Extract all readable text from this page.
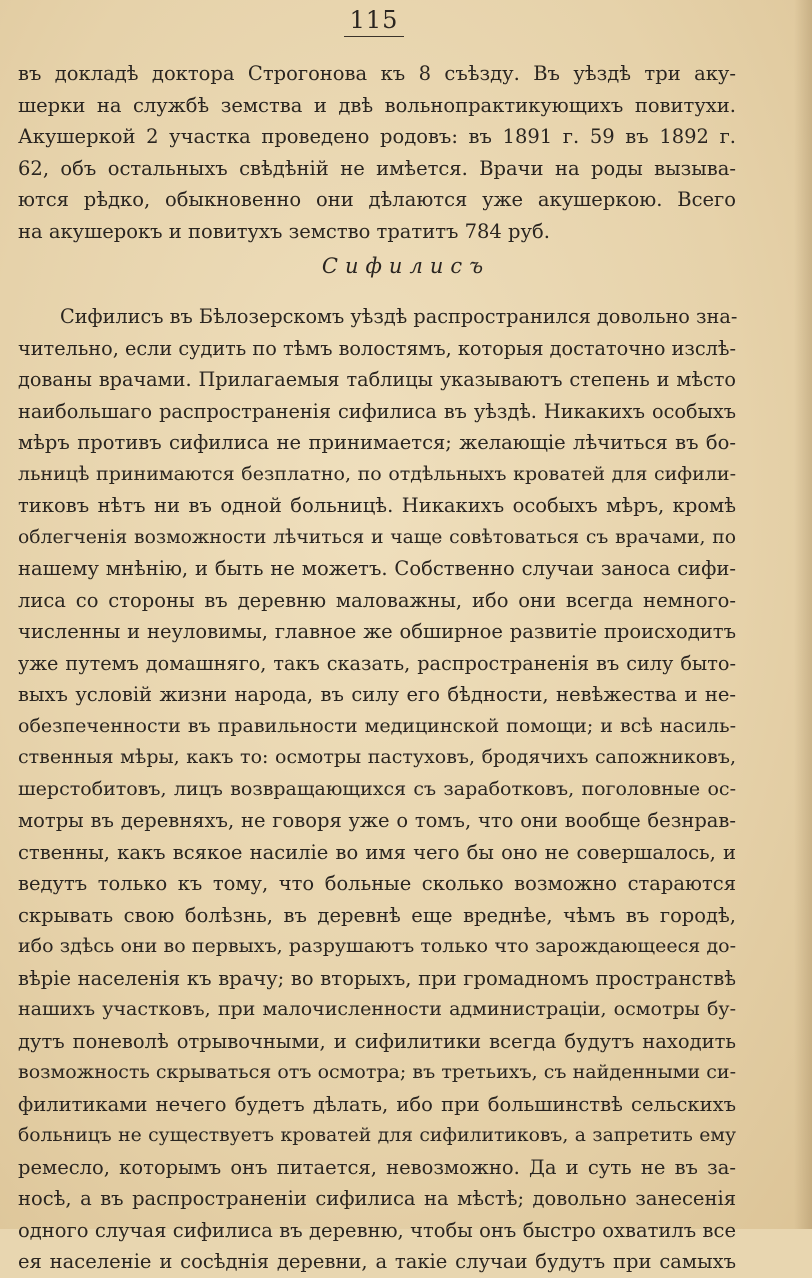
115
въ докладѣ доктора Строгонова къ 8 съѣзду. Въ уѣздѣ три аку-
шерки на службѣ земства и двѣ вольнопрактикующихъ повитухи.
Акушеркой 2 участка проведено родовъ: въ 1891 г. 59 въ 1892 г.
62, объ остальныхъ свѣдѣній не имѣется. Врачи на роды вызыва-
ются рѣдко, обыкновенно они дѣлаются уже акушеркою. Всего
на акушерокъ и повитухъ земство тратитъ 784 руб.
Сифилисъ
Сифилисъ въ Бѣлозерскомъ уѣздѣ распространился довольно зна-
чительно, если судить по тѣмъ волостямъ, которыя достаточно изслѣ-
дованы врачами. Прилагаемыя таблицы указываютъ степень и мѣсто
наибольшаго распространенія сифилиса въ уѣздѣ. Никакихъ особыхъ
мѣръ противъ сифилиса не принимается; желающіе лѣчиться въ бо-
льницѣ принимаются безплатно, по отдѣльныхъ кроватей для сифили-
тиковъ нѣтъ ни въ одной больницѣ. Никакихъ особыхъ мѣръ, кромѣ
облегченія возможности лѣчиться и чаще совѣтоваться съ врачами, по
нашему мнѣнію, и быть не можетъ. Собственно случаи заноса сифи-
лиса со стороны въ деревню маловажны, ибо они всегда немного-
численны и неуловимы, главное же обширное развитіе происходитъ
уже путемъ домашняго, такъ сказать, распространенія въ силу быто-
выхъ условій жизни народа, въ силу его бѣдности, невѣжества и не-
обезпеченности въ правильности медицинской помощи; и всѣ насиль-
ственныя мѣры, какъ то: осмотры пастуховъ, бродячихъ сапожниковъ,
шерстобитовъ, лицъ возвращающихся съ заработковъ, поголовные ос-
мотры въ деревняхъ, не говоря уже о томъ, что они вообще безнрав-
ственны, какъ всякое насиліе во имя чего бы оно не совершалось, и
ведутъ только къ тому, что больные сколько возможно стараются
скрывать свою болѣзнь, въ деревнѣ еще вреднѣе, чѣмъ въ городѣ,
ибо здѣсь они во первыхъ, разрушаютъ только что зарождающееся до-
вѣріе населенія къ врачу; во вторыхъ, при громадномъ пространствѣ
нашихъ участковъ, при малочисленности администраціи, осмотры бу-
дутъ поневолѣ отрывочными, и сифилитики всегда будутъ находить
возможность скрываться отъ осмотра; въ третьихъ, съ найденными си-
филитиками нечего будетъ дѣлать, ибо при большинствѣ сельскихъ
больницъ не существуетъ кроватей для сифилитиковъ, а запретить ему
ремесло, которымъ онъ питается, невозможно. Да и суть не въ за-
носѣ, а въ распространеніи сифилиса на мѣстѣ; довольно занесенія
одного случая сифилиса въ деревню, чтобы онъ быстро охватилъ все
ея населеніе и сосѣднія деревни, а такіе случаи будутъ при самыхъ
